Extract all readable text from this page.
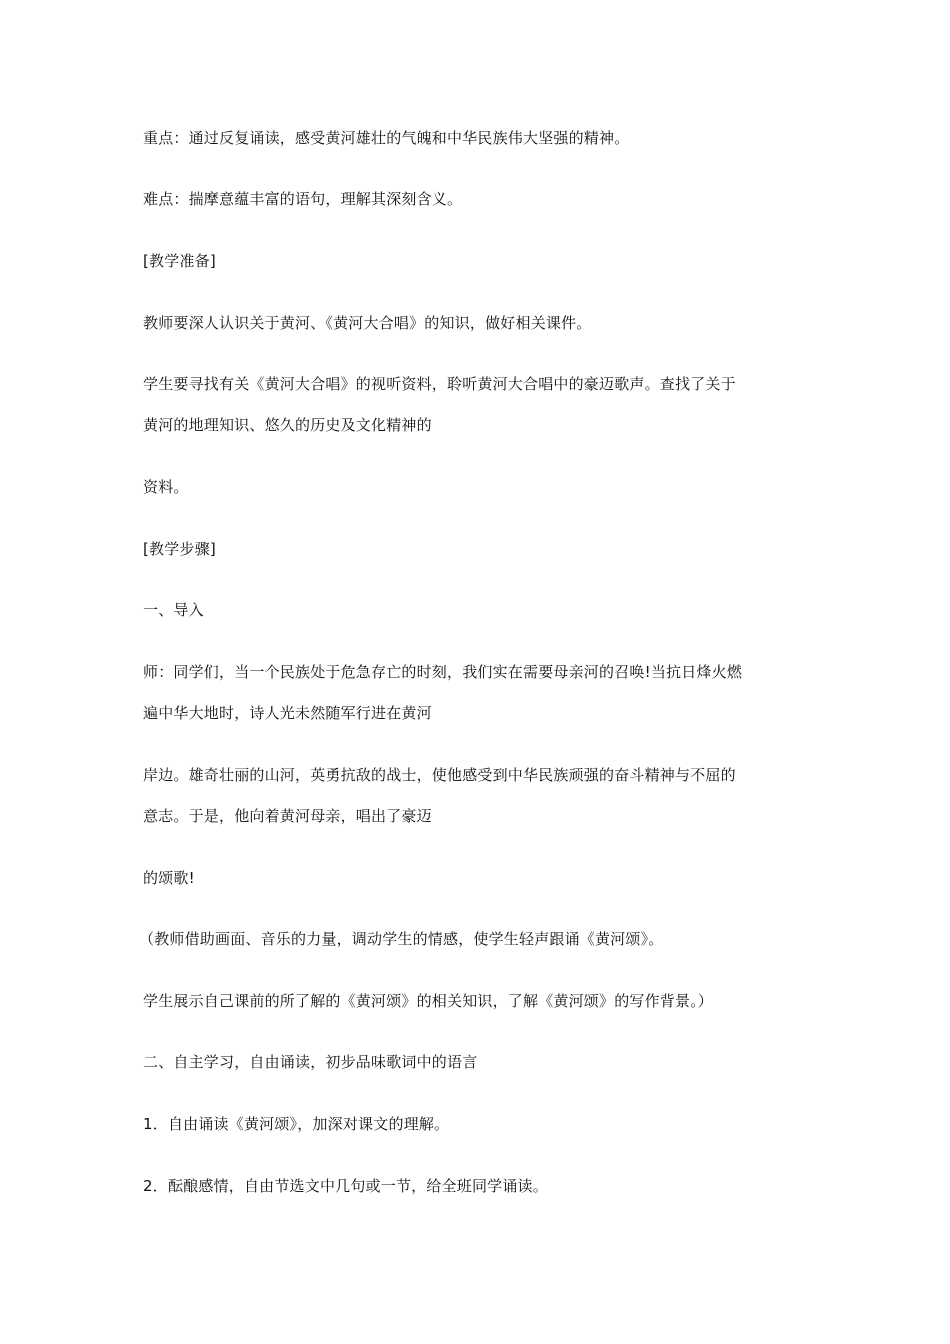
重点：通过反复诵读，感受黄河雄壮的气魄和中华民族伟大坚强的精神。
难点：揣摩意蕴丰富的语句，理解其深刻含义。
[教学准备]
教师要深人认识关于黄河、《黄河大合唱》的知识，做好相关课件。
学生要寻找有关《黄河大合唱》的视听资料，聆听黄河大合唱中的豪迈歌声。查找了关于
黄河的地理知识、悠久的历史及文化精神的
资料。
[教学步骤]
一、导入
师：同学们，当一个民族处于危急存亡的时刻，我们实在需要母亲河的召唤!当抗日烽火燃
遍中华大地时，诗人光未然随军行进在黄河
岸边。雄奇壮丽的山河，英勇抗敌的战士，使他感受到中华民族顽强的奋斗精神与不屈的
意志。于是，他向着黄河母亲，唱出了豪迈
的颂歌!
（教师借助画面、音乐的力量，调动学生的情感，使学生轻声跟诵《黄河颂》。
学生展示自己课前的所了解的《黄河颂》的相关知识，了解《黄河颂》的写作背景。）
二、自主学习，自由诵读，初步品味歌词中的语言
1．自由诵读《黄河颂》，加深对课文的理解。
2．酝酿感情，自由节选文中几句或一节，给全班同学诵读。
